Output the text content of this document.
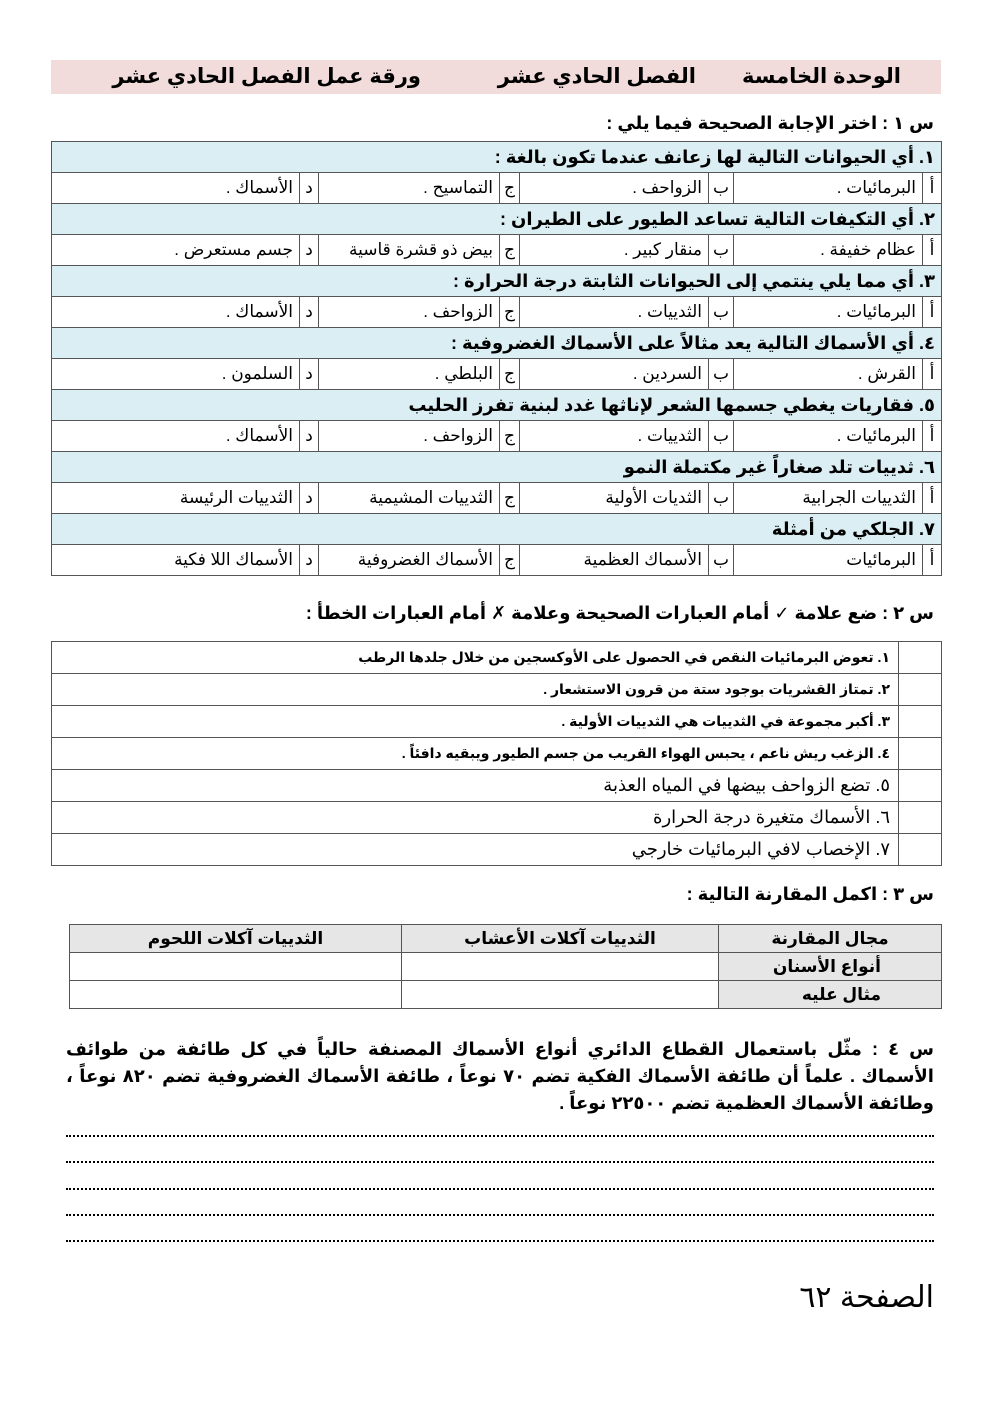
الوحدة الخامسة
الفصل الحادي عشر
ورقة عمل الفصل الحادي عشر
س ١ : اختر الإجابة الصحيحة فيما يلي :
١. أي الحيوانات التالية لها زعانف عندما تكون بالغة :							
أ	البرمائيات .	ب	الزواحف .	ج	التماسيح .	د	الأسماك .
٢. أي التكيفات التالية تساعد الطيور على الطيران :							
أ	عظام خفيفة .	ب	منقار كبير .	ج	بيض ذو قشرة قاسية	د	جسم مستعرض .
٣. أي مما يلي ينتمي إلى الحيوانات الثابتة درجة الحرارة :							
أ	البرمائيات .	ب	الثدييات .	ج	الزواحف .	د	الأسماك .
٤. أي الأسماك التالية يعد مثالاً على الأسماك الغضروفية :							
أ	القرش .	ب	السردين .	ج	البلطي .	د	السلمون .
٥. فقاريات يغطي جسمها الشعر لإناثها غدد لبنية تفرز الحليب							
أ	البرمائيات .	ب	الثدييات .	ج	الزواحف .	د	الأسماك .
٦. ثدييات تلد صغاراً غير مكتملة النمو							
أ	الثدييات الجرابية	ب	الثديات الأولية	ج	الثدييات المشيمية	د	الثدييات الرئيسة
٧. الجلكي من أمثلة							
أ	البرمائيات	ب	الأسماك العظمية	ج	الأسماك الغضروفية	د	الأسماك اللا فكية
س ٢ : ضع علامة ✓ أمام العبارات الصحيحة وعلامة ✗ أمام العبارات الخطأ :
	١. تعوض البرمائيات النقص في الحصول على الأوكسجين من خلال جلدها الرطب
	٢. تمتاز القشريات بوجود ستة من قرون الاستشعار .
	٣. أكبر مجموعة في الثدييات هي الثدييات الأولية .
	٤. الزغب ريش ناعم ، يحبس الهواء القريب من جسم الطيور ويبقيه دافئاً .
	٥. تضع الزواحف بيضها في المياه العذبة
	٦. الأسماك متغيرة درجة الحرارة
	٧. الإخصاب لافي البرمائيات خارجي
س ٣ : اكمل المقارنة التالية :
مجال المقارنة	الثدييات آكلات الأعشاب	الثدييات آكلات اللحوم
أنواع الأسنان		
مثال عليه		
س ٤ : مثّل باستعمال القطاع الدائري أنواع الأسماك المصنفة حالياً في كل طائفة من طوائف الأسماك . علماً أن طائفة الأسماك الفكية تضم ٧٠ نوعاً ، طائفة الأسماك الغضروفية تضم ٨٢٠ نوعاً ، وطائفة الأسماك العظمية تضم ٢٢٥٠٠ نوعاً .
الصفحة ٦٢
